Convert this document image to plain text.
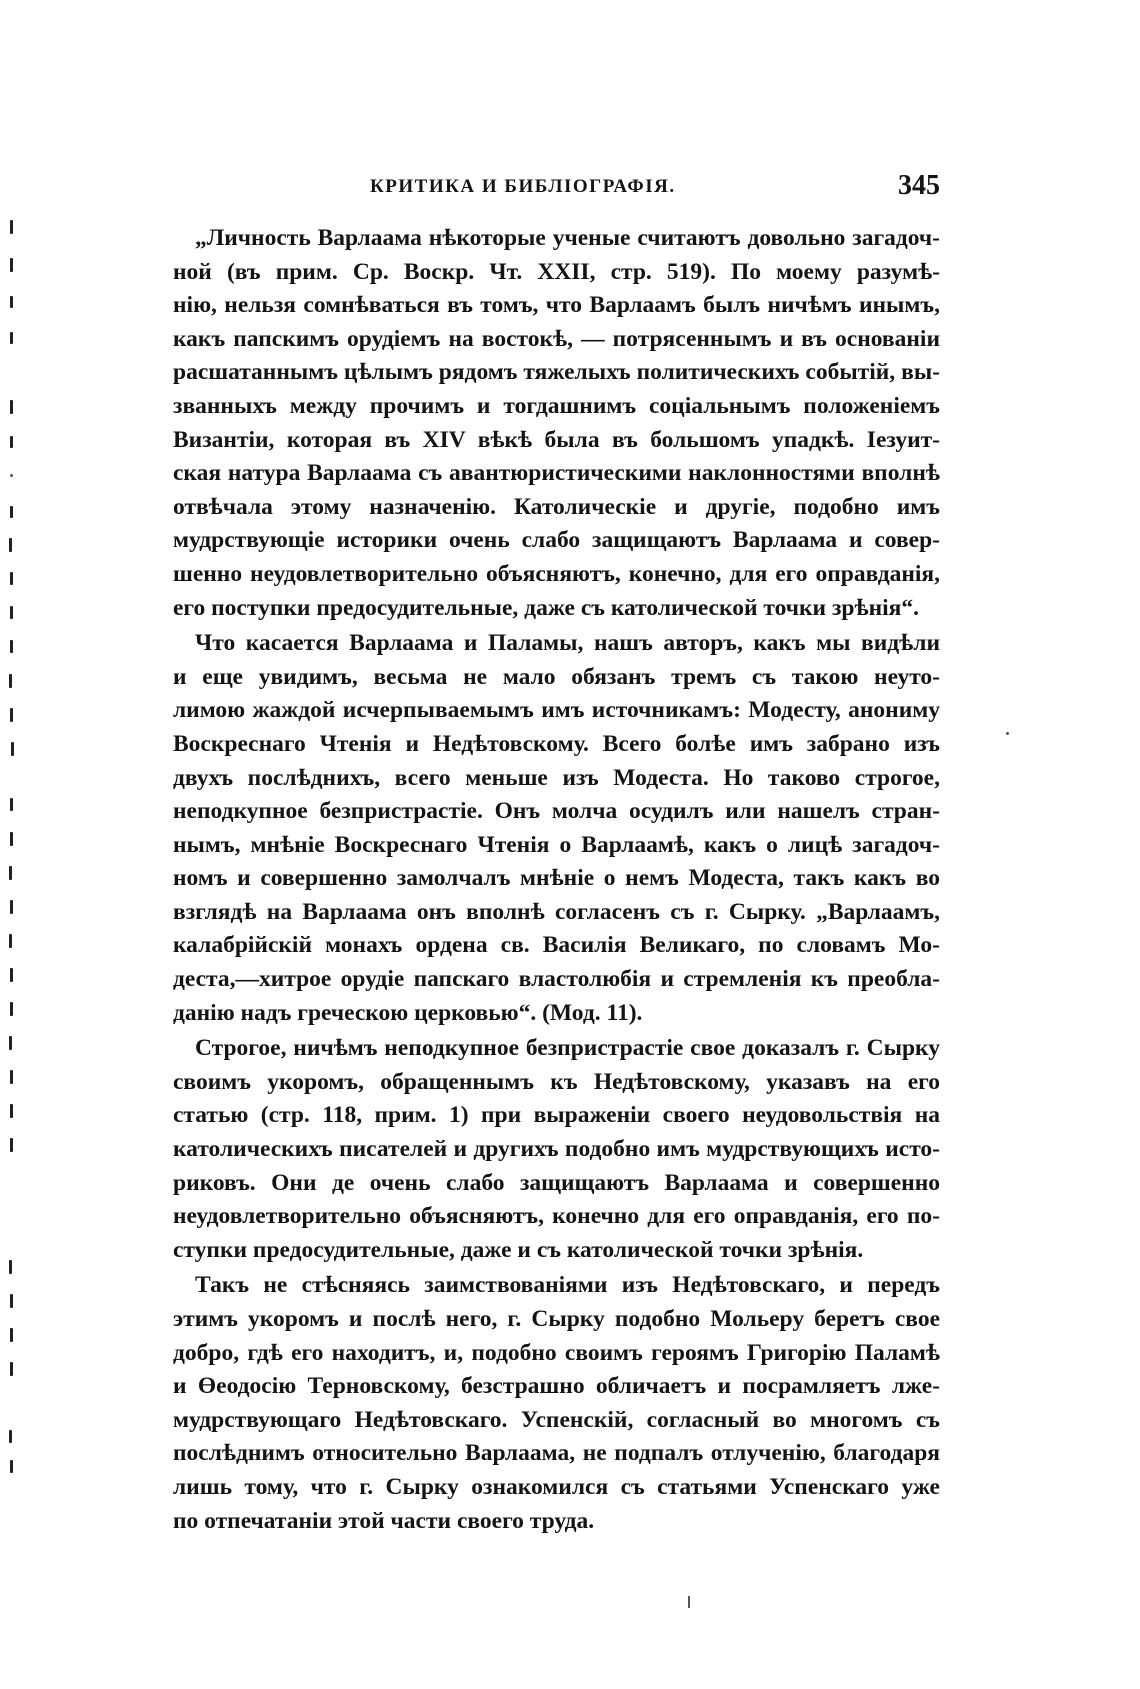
КРИТИКА И БИБЛІОГРАФІЯ.	345
„Личность Варлаама нѣкоторые ученые считаютъ довольно загадоч-
ной (въ прим. Ср. Воскр. Чт. XXII, стр. 519). По моему разумѣ-
нію, нельзя сомнѣваться въ томъ, что Варлаамъ былъ ничѣмъ инымъ,
какъ папскимъ орудіемъ на востокѣ, — потрясеннымъ и въ основаніи
расшатаннымъ цѣлымъ рядомъ тяжелыхъ политическихъ событій, вы-
званныхъ между прочимъ и тогдашнимъ соціальнымъ положеніемъ
Византіи, которая въ XIV вѣкѣ была въ большомъ упадкѣ. Іезуит-
ская натура Варлаама съ авантюристическими наклонностями вполнѣ
отвѣчала этому назначенію. Католическіе и другіе, подобно имъ
мудрствующіе историки очень слабо защищаютъ Варлаама и совер-
шенно неудовлетворительно объясняютъ, конечно, для его оправданія,
его поступки предосудительные, даже съ католической точки зрѣнія“.
Что касается Варлаама и Паламы, нашъ авторъ, какъ мы видѣли
и еще увидимъ, весьма не мало обязанъ тремъ съ такою неуто-
лимою жаждой исчерпываемымъ имъ источникамъ: Модесту, анониму
Воскреснаго Чтенія и Недѣтовскому. Всего болѣе имъ забрано изъ
двухъ послѣднихъ, всего меньше изъ Модеста. Но таково строгое,
неподкупное безпристрастіе. Онъ молча осудилъ или нашелъ стран-
нымъ, мнѣніе Воскреснаго Чтенія о Варлаамѣ, какъ о лицѣ загадоч-
номъ и совершенно замолчалъ мнѣніе о немъ Модеста, такъ какъ во
взглядѣ на Варлаама онъ вполнѣ согласенъ съ г. Сырку. „Варлаамъ,
калабрійскій монахъ ордена св. Василія Великаго, по словамъ Мо-
деста,—хитрое орудіе папскаго властолюбія и стремленія къ преобла-
данію надъ греческою церковью“. (Мод. 11).
Строгое, ничѣмъ неподкупное безпристрастіе свое доказалъ г. Сырку
своимъ укоромъ, обращеннымъ къ Недѣтовскому, указавъ на его
статью (стр. 118, прим. 1) при выраженіи своего неудовольствія на
католическихъ писателей и другихъ подобно имъ мудрствующихъ исто-
риковъ. Они де очень слабо защищаютъ Варлаама и совершенно
неудовлетворительно объясняютъ, конечно для его оправданія, его по-
ступки предосудительные, даже и съ католической точки зрѣнія.
Такъ не стѣсняясь заимствованіями изъ Недѣтовскаго, и передъ
этимъ укоромъ и послѣ него, г. Сырку подобно Мольеру беретъ свое
добро, гдѣ его находитъ, и, подобно своимъ героямъ Григорію Паламѣ
и Өеодосію Терновскому, безстрашно обличаетъ и посрамляетъ лже-
мудрствующаго Недѣтовскаго. Успенскій, согласный во многомъ съ
послѣднимъ относительно Варлаама, не подпалъ отлученію, благодаря
лишь тому, что г. Сырку ознакомился съ статьями Успенскаго уже
по отпечатаніи этой части своего труда.
